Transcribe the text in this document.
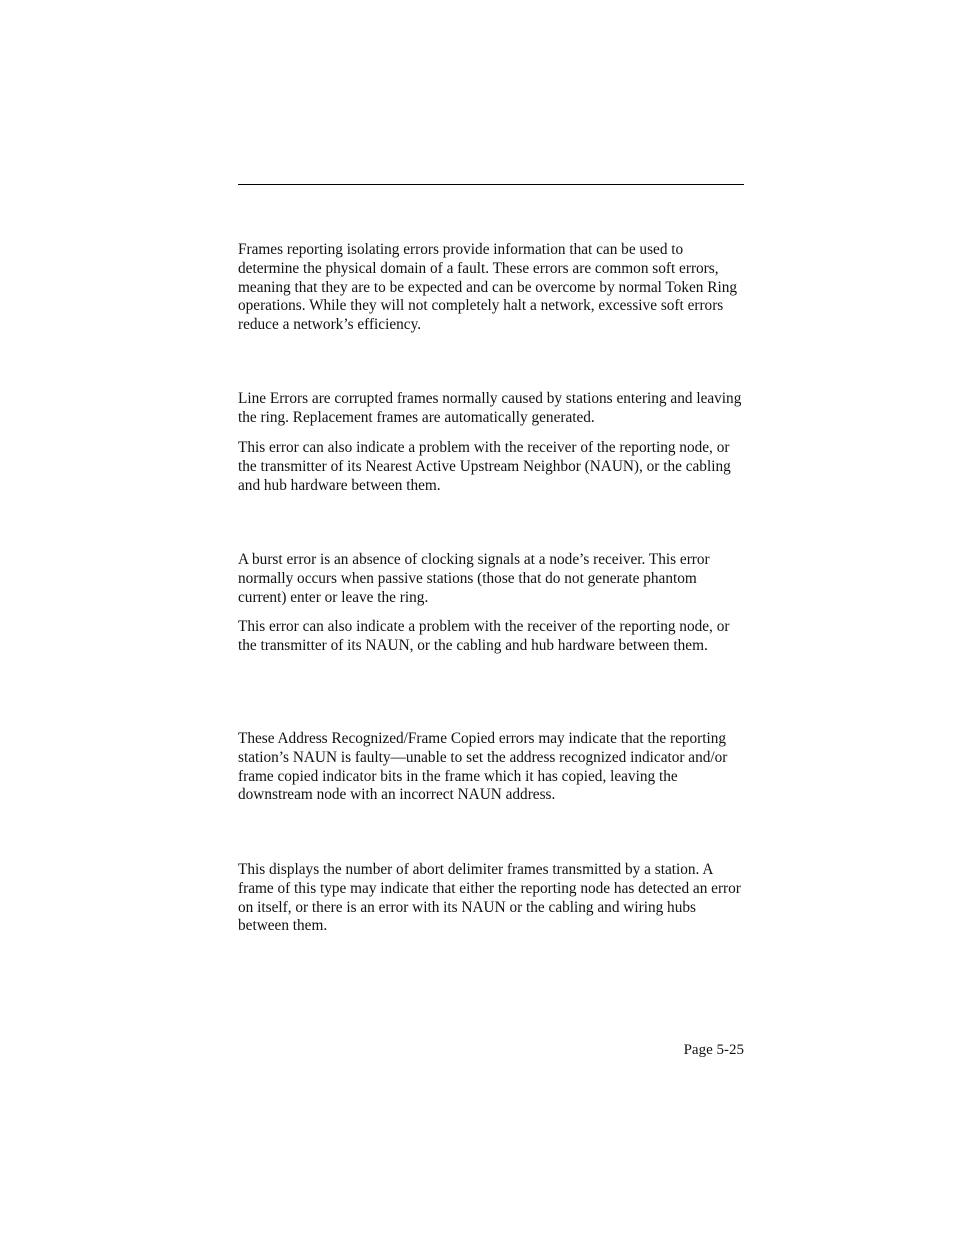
Frames reporting isolating errors provide information that can be used to determine the physical domain of a fault. These errors are common soft errors, meaning that they are to be expected and can be overcome by normal Token Ring operations. While they will not completely halt a network, excessive soft errors reduce a network’s efficiency.

Line Errors are corrupted frames normally caused by stations entering and leaving the ring. Replacement frames are automatically generated.

This error can also indicate a problem with the receiver of the reporting node, or the transmitter of its Nearest Active Upstream Neighbor (NAUN), or the cabling and hub hardware between them.

A burst error is an absence of clocking signals at a node’s receiver. This error normally occurs when passive stations (those that do not generate phantom current) enter or leave the ring.

This error can also indicate a problem with the receiver of the reporting node, or the transmitter of its NAUN, or the cabling and hub hardware between them.

These Address Recognized/Frame Copied errors may indicate that the reporting station’s NAUN is faulty—unable to set the address recognized indicator and/or frame copied indicator bits in the frame which it has copied, leaving the downstream node with an incorrect NAUN address.

This displays the number of abort delimiter frames transmitted by a station. A frame of this type may indicate that either the reporting node has detected an error on itself, or there is an error with its NAUN or the cabling and wiring hubs between them.

Page 5-25
